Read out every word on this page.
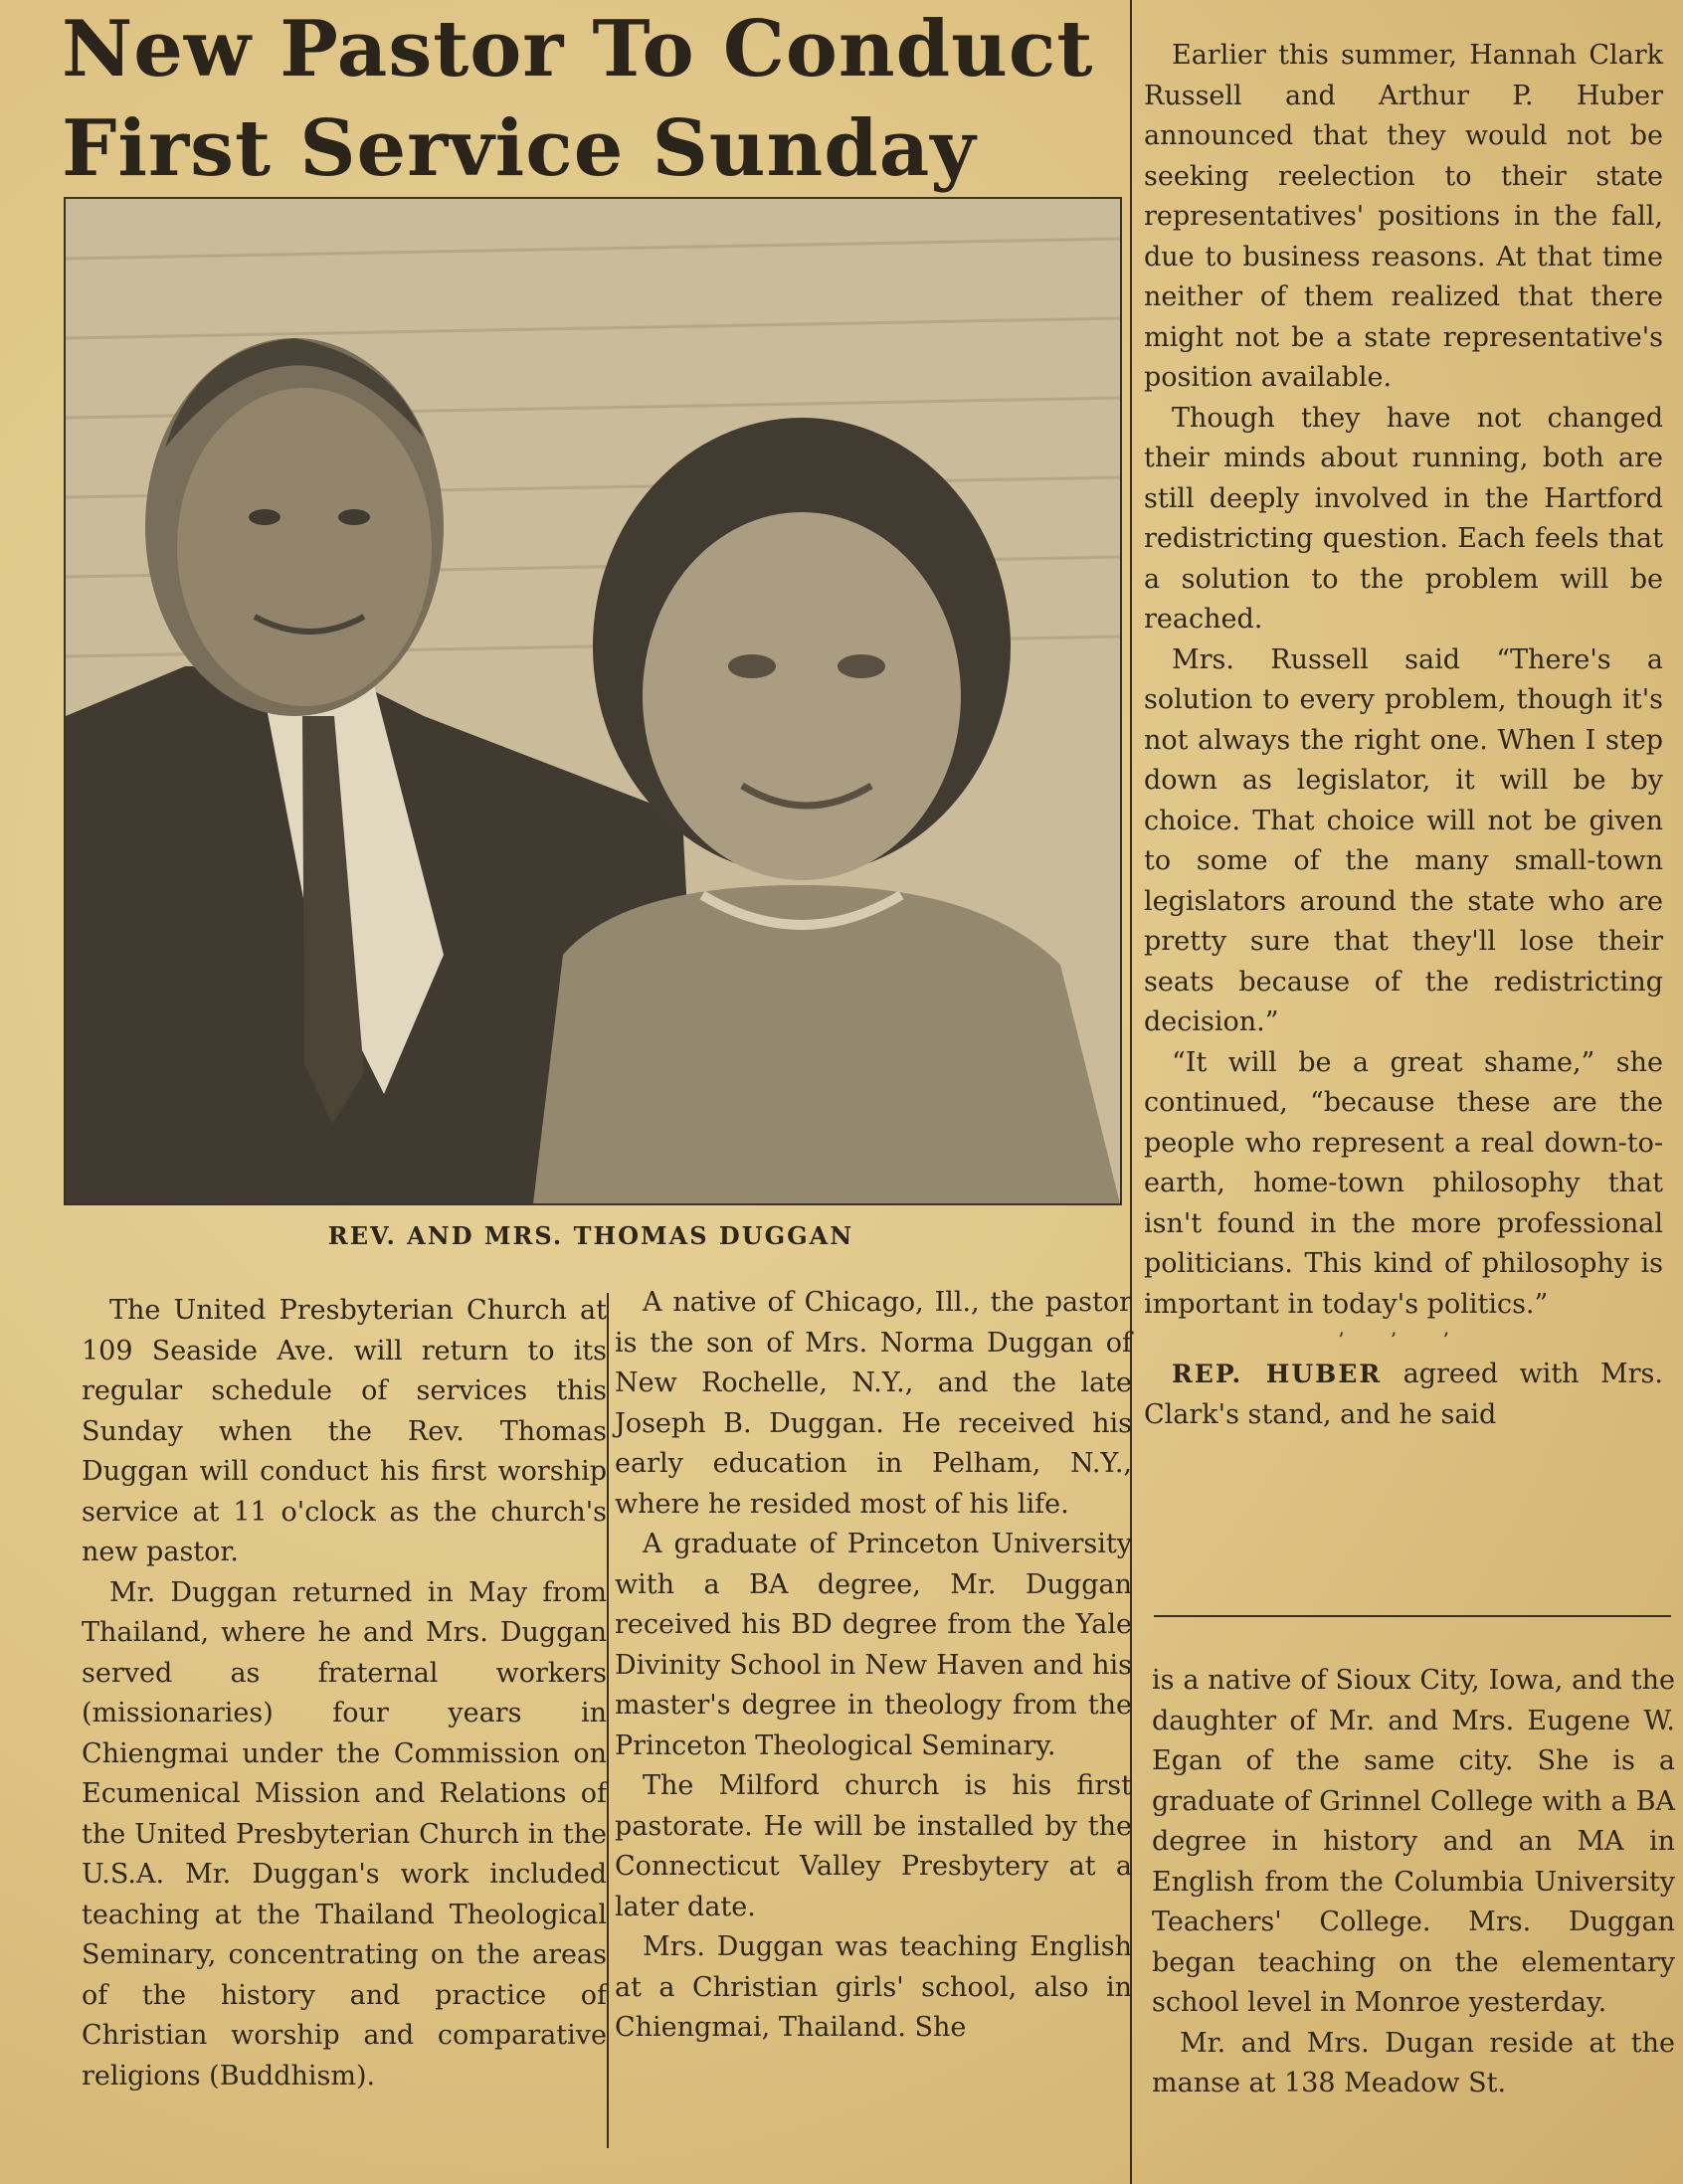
New Pastor To Conduct
First Service Sunday

REV. AND MRS. THOMAS DUGGAN

The United Presbyterian Church at 109 Seaside Ave. will return to its regular schedule of services this Sunday when the Rev. Thomas Duggan will conduct his first worship service at 11 o'clock as the church's new pastor.

Mr. Duggan returned in May from Thailand, where he and Mrs. Duggan served as fraternal workers (missionaries) four years in Chiengmai under the Commission on Ecumenical Mission and Relations of the United Presbyterian Church in the U.S.A. Mr. Duggan's work included teaching at the Thailand Theological Seminary, concentrating on the areas of the history and practice of Christian worship and comparative religions (Buddhism).

A native of Chicago, Ill., the pastor is the son of Mrs. Norma Duggan of New Rochelle, N.Y., and the late Joseph B. Duggan. He received his early education in Pelham, N.Y., where he resided most of his life.

A graduate of Princeton University with a BA degree, Mr. Duggan received his BD degree from the Yale Divinity School in New Haven and his master's degree in theology from the Princeton Theological Seminary.

The Milford church is his first pastorate. He will be installed by the Connecticut Valley Presbytery at a later date.

Mrs. Duggan was teaching English at a Christian girls' school, also in Chiengmai, Thailand. She

Earlier this summer, Hannah Clark Russell and Arthur P. Huber announced that they would not be seeking reelection to their state representatives' positions in the fall, due to business reasons. At that time neither of them realized that there might not be a state representative's position available.

Though they have not changed their minds about running, both are still deeply involved in the Hartford redistricting question. Each feels that a solution to the problem will be reached.

Mrs. Russell said “There's a solution to every problem, though it's not always the right one. When I step down as legislator, it will be by choice. That choice will not be given to some of the many small-town legislators around the state who are pretty sure that they'll lose their seats because of the redistricting decision.”

“It will be a great shame,” she continued, “because these are the people who represent a real down-to-earth, home-town philosophy that isn't found in the more professional politicians. This kind of philosophy is important in today's politics.”

’ ’ ’

REP. HUBER agreed with Mrs. Clark's stand, and he said

is a native of Sioux City, Iowa, and the daughter of Mr. and Mrs. Eugene W. Egan of the same city. She is a graduate of Grinnel College with a BA degree in history and an MA in English from the Columbia University Teachers' College. Mrs. Duggan began teaching on the elementary school level in Monroe yesterday.

Mr. and Mrs. Dugan reside at the manse at 138 Meadow St.
